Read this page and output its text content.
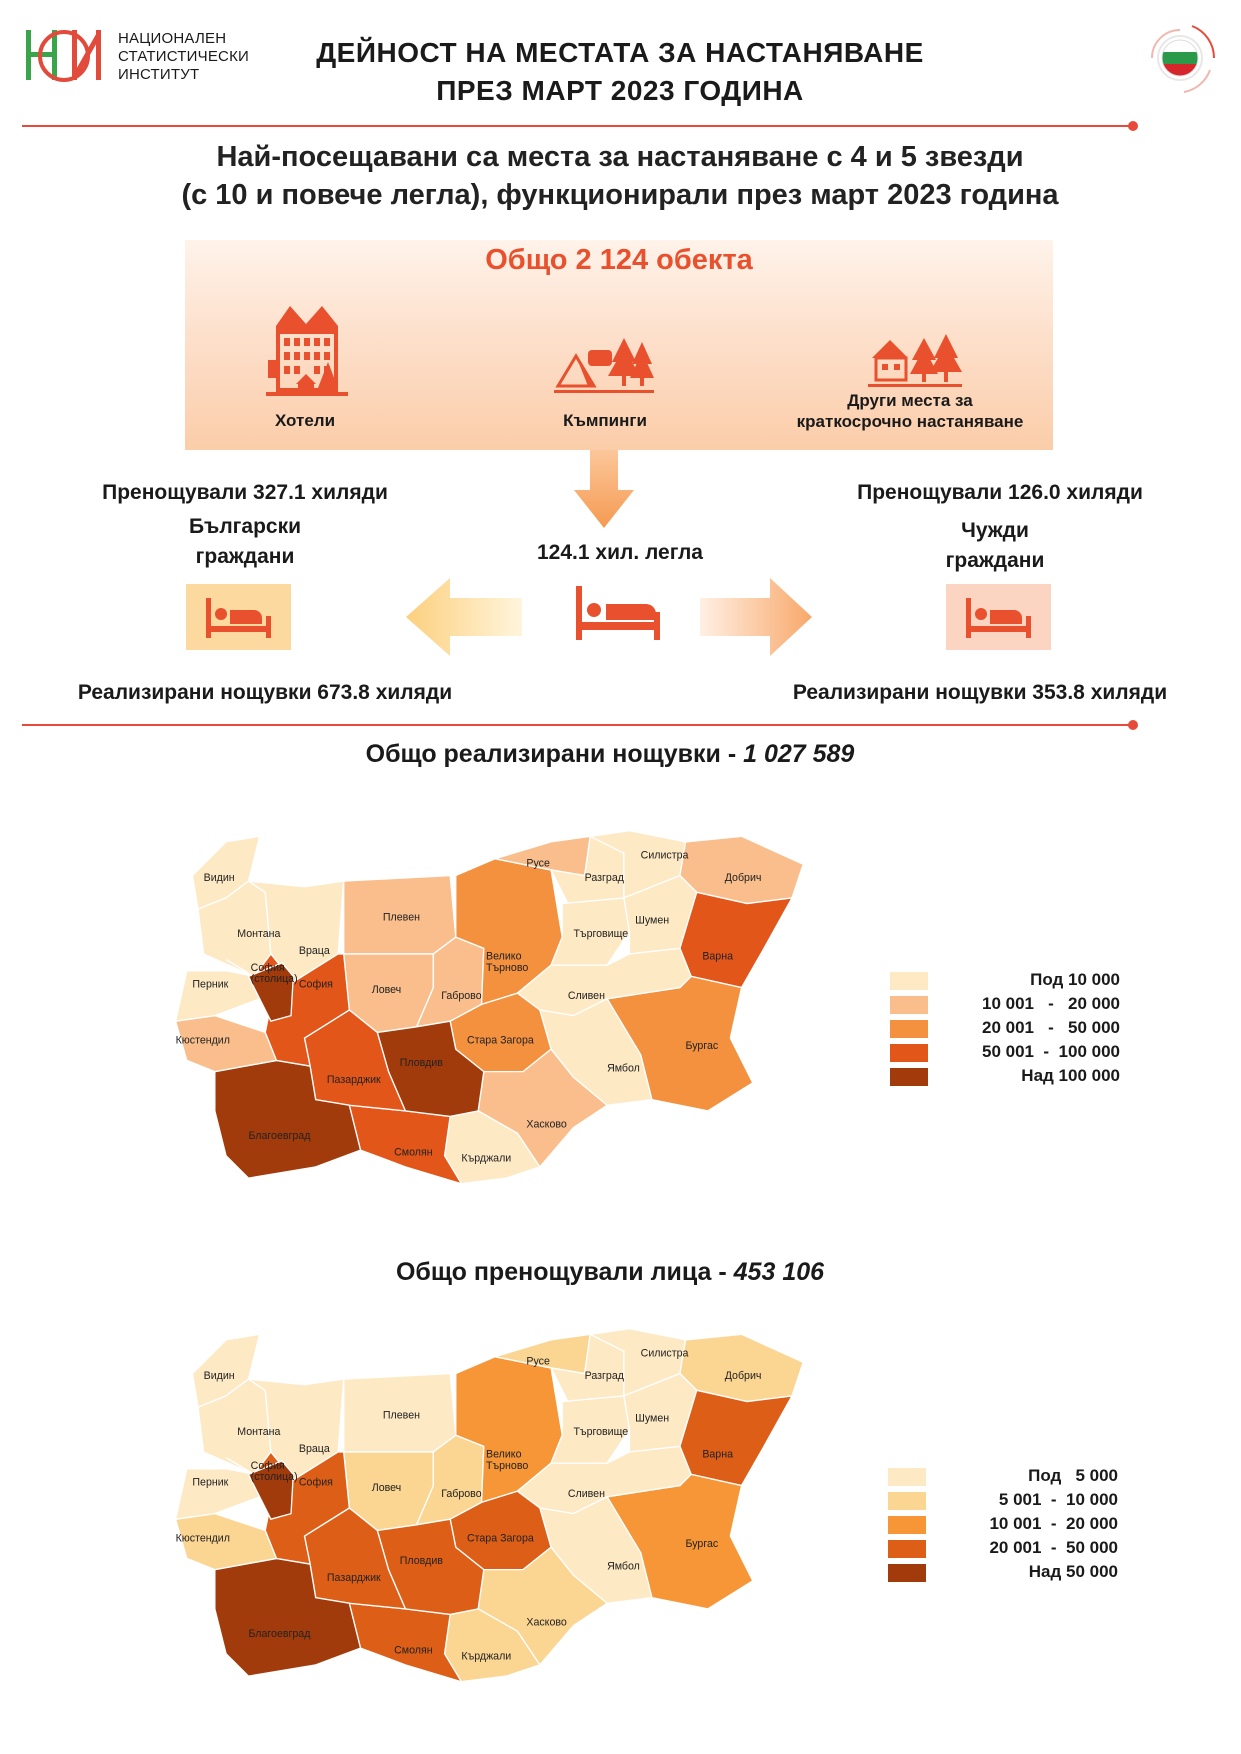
НАЦИОНАЛЕН
СТАТИСТИЧЕСКИ
ИНСТИТУТ
ДЕЙНОСТ НА МЕСТАТА ЗА НАСТАНЯВАНЕ
ПРЕЗ МАРТ 2023 ГОДИНА
Най-посещавани са места за настаняване с 4 и 5 звезди
(с 10 и повече легла), функционирали през март 2023 година
Общо 2 124 обекта
Хотели	Къмпинги
Други места за
краткосрочно настаняване
Пренощували 327.1 хиляди
Български
граждани
Реализирани нощувки 673.8 хиляди
124.1 хил. легла
Пренощували 126.0 хиляди
Чужди
граждани
Реализирани нощувки 353.8 хиляди
Общо реализирани нощувки - 1 027 589
Видин
Монтана
Враца
Плевен
Ловеч	Габрово
Велико
Търново
Русе
Разград
Силистра
Добрич
Търговище
Шумен
Варна
Бургас
Сливен
Ямбол
Стара Загора
Хасково
Кърджали
Смолян
Пловдив
Пазарджик
Благоевград
Кюстендил
Перник	София
София
(столица)	Под 10 000
10 001   -   20 000
20 001   -   50 000
50 001  -  100 000
Над 100 000
Общо пренощували лица - 453 106
Видин
Монтана
Враца
Плевен
Ловеч	Габрово
Велико
Търново
Русе
Разград
Силистра
Добрич
Търговище
Шумен
Варна
Бургас
Сливен
Ямбол
Стара Загора
Хасково
Кърджали
Смолян
Пловдив
Пазарджик
Благоевград
Кюстендил
Перник	София
София
(столица)	Под   5 000
5 001  -  10 000
10 001  -  20 000
20 001  -  50 000
Над 50 000
